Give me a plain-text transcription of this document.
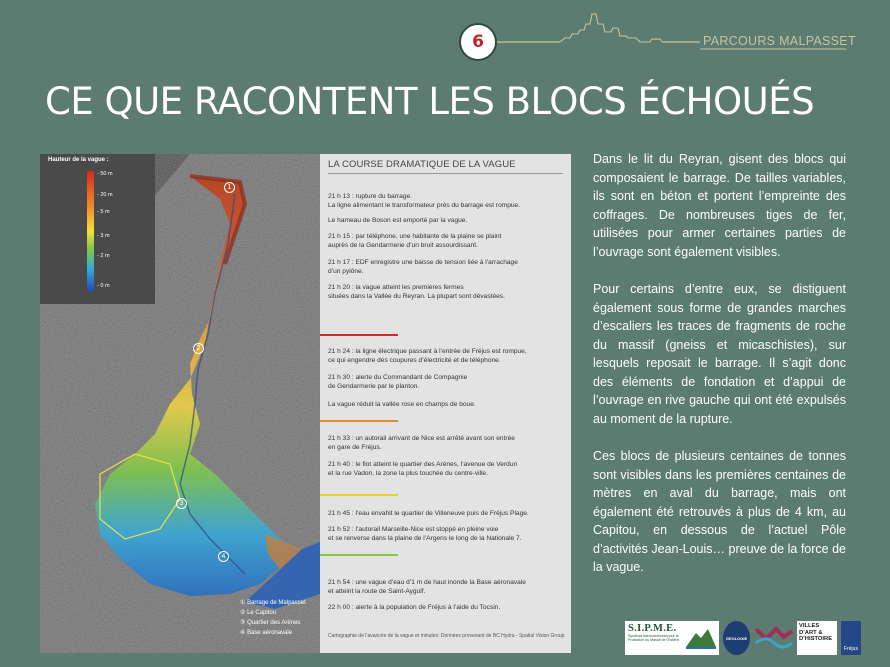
6	PARCOURS MALPASSET
CE QUE RACONTENT LES BLOCS ÉCHOUÉS
Hauteur de la vague :
- 50 m
- 20 m
- 5 m
- 3 m
- 2 m
- 0 m
1
2
3
4
① Barrage de Malpasset
② Le Capitou
③ Quartier des Arènes
④ Base aéronavale
LA COURSE DRAMATIQUE DE LA VAGUE
21 h 13 : rupture du barrage.
La ligne alimentant le transformateur près du barrage est rompue.
Le hameau de Boson est emporté par la vague.
21 h 15 : par téléphone, une habitante de la plaine se plaint
auprès de la Gendarmerie d’un bruit assourdissant.
21 h 17 : EDF enregistre une baisse de tension liée à l’arrachage
d’un pylône.
21 h 20 : la vague atteint les premières fermes
situées dans la Vallée du Reyran. La plupart sont dévastées.
21 h 24 : la ligne électrique passant à l’entrée de Fréjus est rompue,
ce qui engendre des coupures d’électricité et de téléphone.
21 h 30 : alerte du Commandant de Compagnie
de Gendarmerie par le planton.
La vague réduit la vallée rose en champs de boue.
21 h 33 : un autorail arrivant de Nice est arrêté avant son entrée
en gare de Fréjus.
21 h 40 : le flot atteint le quartier des Arènes, l’avenue de Verdun
et la rue Vadon, la zone la plus touchée du centre-ville.
21 h 45 : l’eau envahit le quartier de Villeneuve puis de Fréjus Plage.
21 h 52 : l’autorail Marseille-Nice est stoppé en pleine voie
et se renverse dans la plaine de l’Argens le long de la Nationale 7.
21 h 54 : une vague d’eau d’1 m de haut inonde la Base aéronavale
et atteint la route de Saint-Aygulf.
22 h 00 : alerte à la population de Fréjus à l’aide du Tocsin.
Cartographie de l’avancée de la vague et minutes: Données provenant de BC Hydra - Spatial Vision Group

Dans le lit du Reyran, gisent des blocs qui composaient le barrage. De tailles variables, ils sont en béton et portent l’empreinte des coffrages. De nombreuses tiges de fer, utilisées pour armer certaines parties de l’ouvrage sont également visibles.

Pour certains d’entre eux, se distiguent également sous forme de grandes marches d’escaliers les traces de fragments de roche du massif (gneiss et micaschistes), sur lesquels reposait le barrage. Il s’agit donc des éléments de fondation et d’appui de l’ouvrage en rive gauche qui ont été expulsés au moment de la rupture.

Ces blocs de plusieurs centaines de tonnes sont visibles dans les premières centaines de mètres en aval du barrage, mais ont également été retrouvés à plus de 4 km, au Capitou, en dessous de l’actuel Pôle d’activités Jean-Louis… preuve de la force de la vague.

S.I.P.M.E.
Syndicat Intercommunal pour la Protection du Massif de l’Estérel	GEOLOGIE
VILLES D’ART & D’HISTOIRE
Fréjus
